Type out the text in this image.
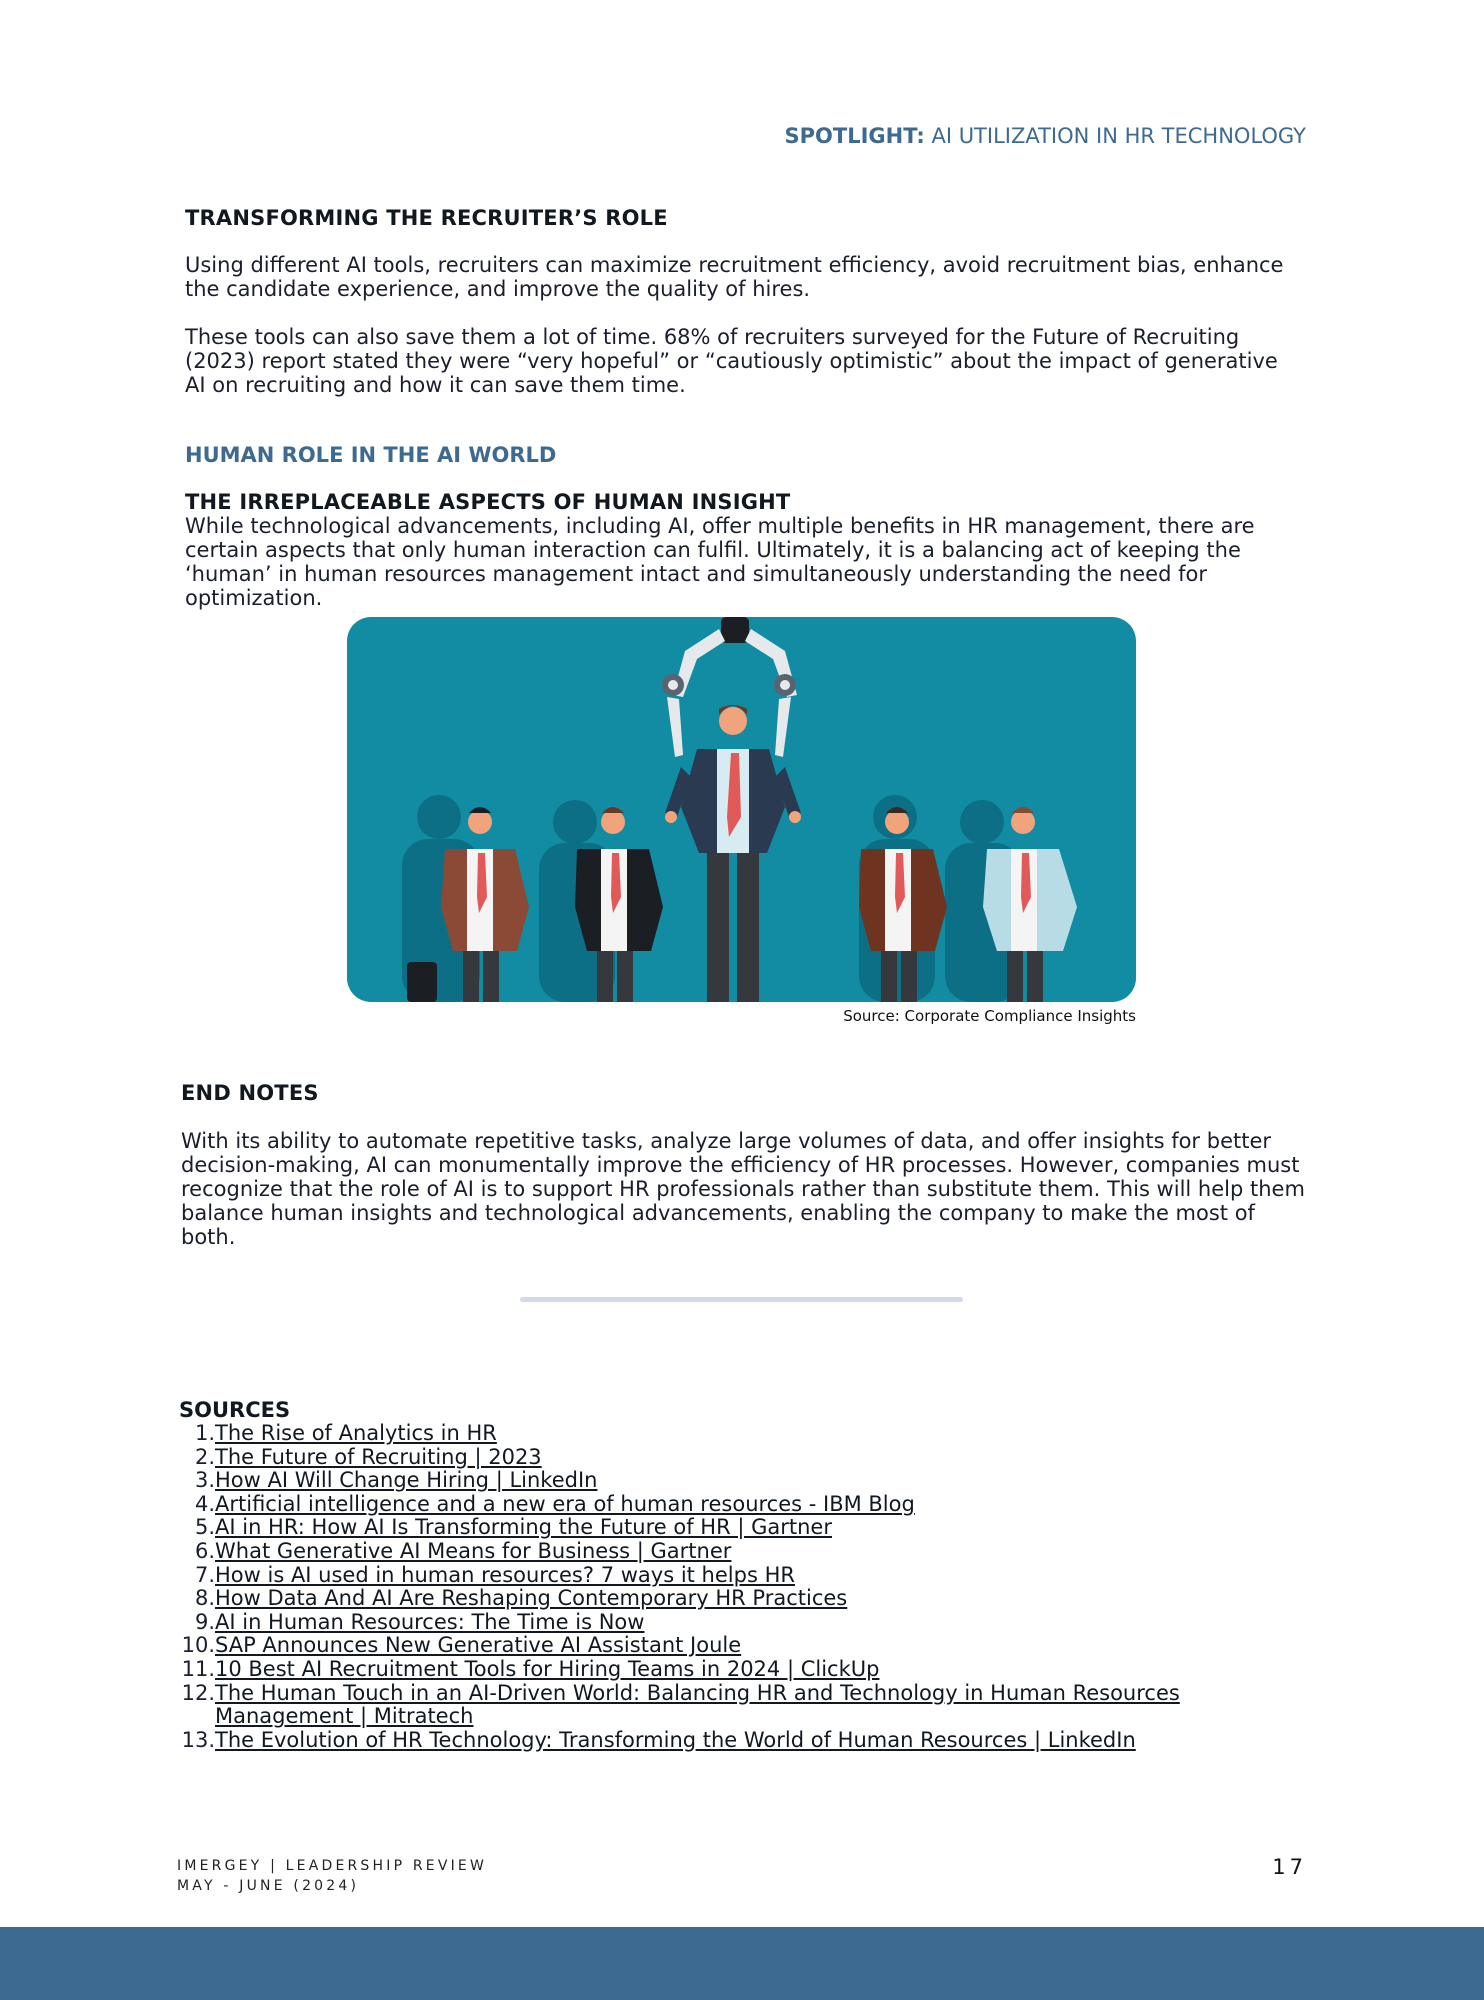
SPOTLIGHT: AI UTILIZATION IN HR TECHNOLOGY
TRANSFORMING THE RECRUITER’S ROLE

Using different AI tools, recruiters can maximize recruitment efficiency, avoid recruitment bias, enhance the candidate experience, and improve the quality of hires.

These tools can also save them a lot of time. 68% of recruiters surveyed for the Future of Recruiting (2023) report stated they were “very hopeful” or “cautiously optimistic” about the impact of generative AI on recruiting and how it can save them time.

HUMAN ROLE IN THE AI WORLD
THE IRREPLACEABLE ASPECTS OF HUMAN INSIGHT

While technological advancements, including AI, offer multiple benefits in HR management, there are certain aspects that only human interaction can fulfil. Ultimately, it is a balancing act of keeping the ‘human’ in human resources management intact and simultaneously understanding the need for optimization.

Source: Corporate Compliance Insights
END NOTES

With its ability to automate repetitive tasks, analyze large volumes of data, and offer insights for better decision-making, AI can monumentally improve the efficiency of HR processes. However, companies must recognize that the role of AI is to support HR professionals rather than substitute them. This will help them balance human insights and technological advancements, enabling the company to make the most of both.

SOURCES
1. The Rise of Analytics in HR
2. The Future of Recruiting | 2023
3. How AI Will Change Hiring | LinkedIn
4. Artificial intelligence and a new era of human resources - IBM Blog
5. AI in HR: How AI Is Transforming the Future of HR | Gartner
6. What Generative AI Means for Business | Gartner
7. How is AI used in human resources? 7 ways it helps HR
8. How Data And AI Are Reshaping Contemporary HR Practices
9. AI in Human Resources: The Time is Now
10. SAP Announces New Generative AI Assistant Joule
11. 10 Best AI Recruitment Tools for Hiring Teams in 2024 | ClickUp
12. The Human Touch in an AI-Driven World: Balancing HR and Technology in Human Resources Management | Mitratech
13. The Evolution of HR Technology: Transforming the World of Human Resources | LinkedIn
IMERGEY | LEADERSHIP REVIEW
MAY - JUNE (2024)
17
